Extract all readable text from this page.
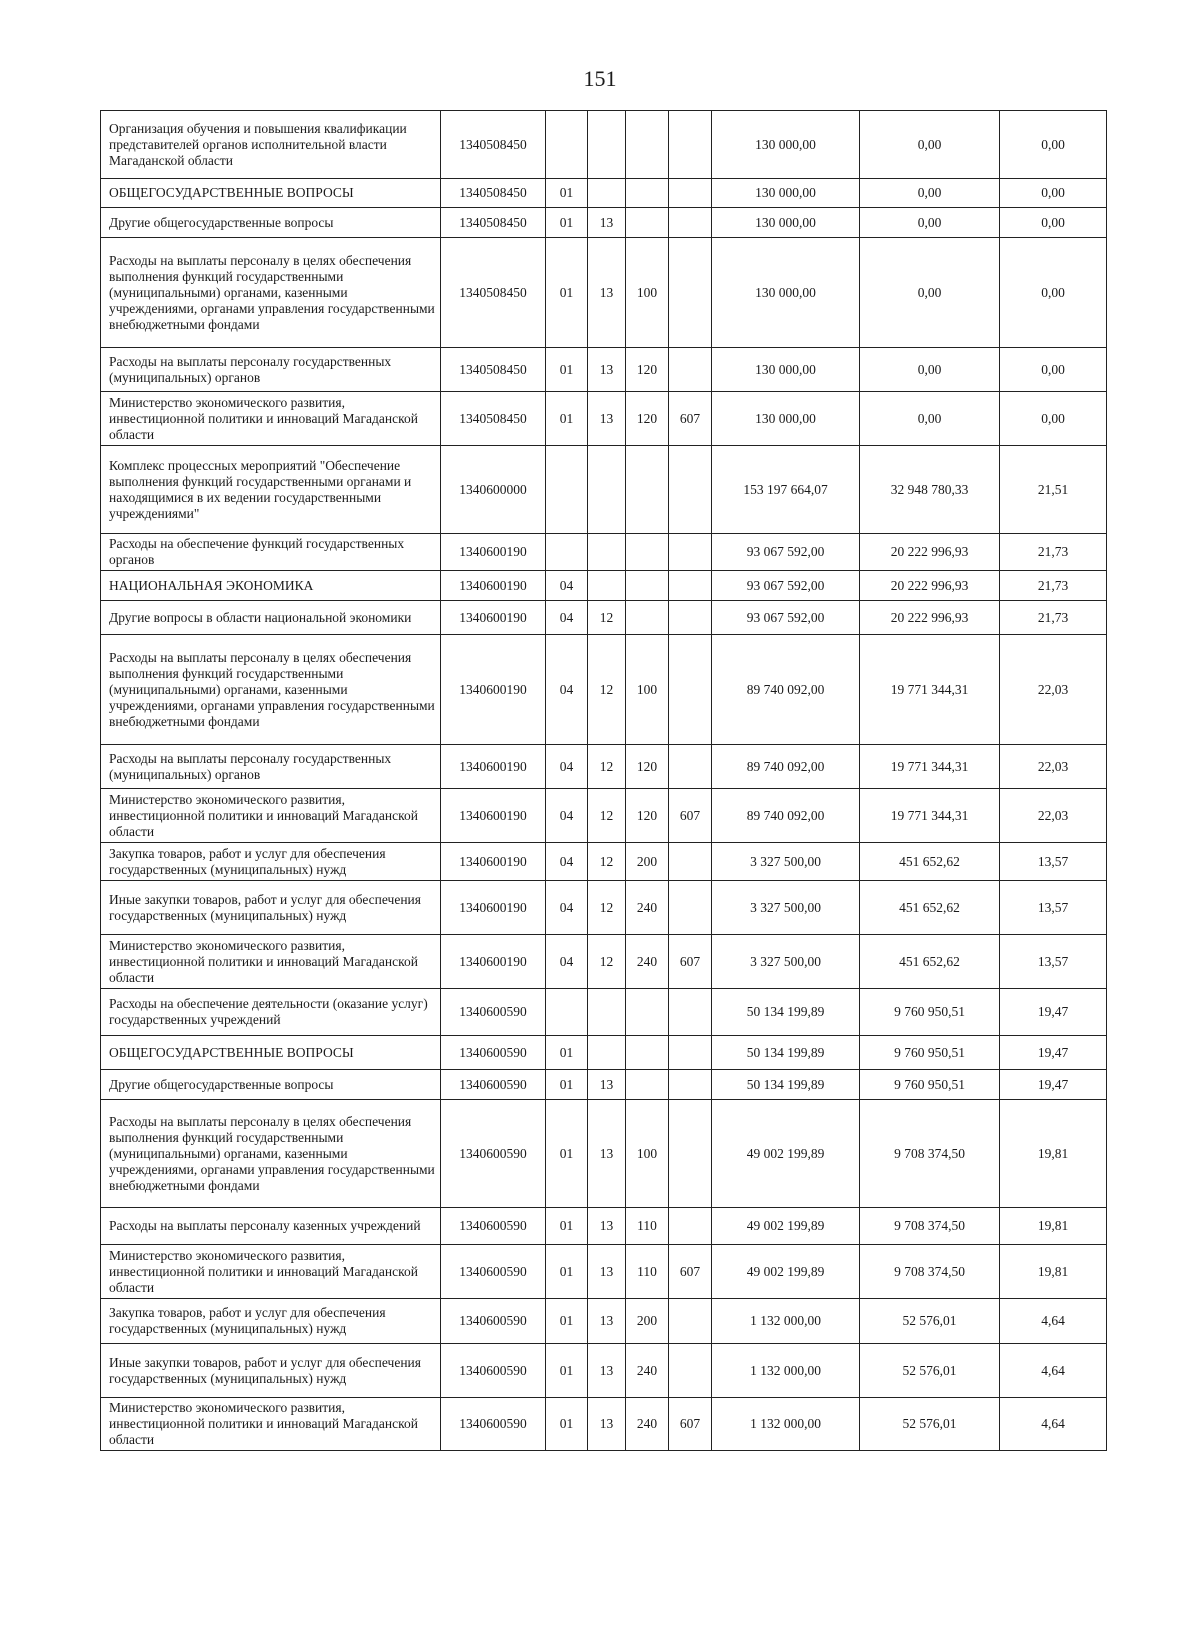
151
Организация обучения и повышения квалификации представителей органов исполнительной власти Магаданской области	1340508450					130 000,00	0,00	0,00
ОБЩЕГОСУДАРСТВЕННЫЕ ВОПРОСЫ	1340508450	01				130 000,00	0,00	0,00
Другие общегосударственные вопросы	1340508450	01	13			130 000,00	0,00	0,00
Расходы на выплаты персоналу в целях обеспечения выполнения функций государственными (муниципальными) органами, казенными учреждениями, органами управления государственными внебюджетными фондами	1340508450	01	13	100		130 000,00	0,00	0,00
Расходы на выплаты персоналу государственных (муниципальных) органов	1340508450	01	13	120		130 000,00	0,00	0,00
Министерство экономического развития, инвестиционной политики и инноваций Магаданской области	1340508450	01	13	120	607	130 000,00	0,00	0,00
Комплекс процессных мероприятий "Обеспечение выполнения функций государственными органами и находящимися в их ведении государственными учреждениями"	1340600000					153 197 664,07	32 948 780,33	21,51
Расходы на обеспечение функций государственных органов	1340600190					93 067 592,00	20 222 996,93	21,73
НАЦИОНАЛЬНАЯ ЭКОНОМИКА	1340600190	04				93 067 592,00	20 222 996,93	21,73
Другие вопросы в области национальной экономики	1340600190	04	12			93 067 592,00	20 222 996,93	21,73
Расходы на выплаты персоналу в целях обеспечения выполнения функций государственными (муниципальными) органами, казенными учреждениями, органами управления государственными внебюджетными фондами	1340600190	04	12	100		89 740 092,00	19 771 344,31	22,03
Расходы на выплаты персоналу государственных (муниципальных) органов	1340600190	04	12	120		89 740 092,00	19 771 344,31	22,03
Министерство экономического развития, инвестиционной политики и инноваций Магаданской области	1340600190	04	12	120	607	89 740 092,00	19 771 344,31	22,03
Закупка товаров, работ и услуг для обеспечения государственных (муниципальных) нужд	1340600190	04	12	200		3 327 500,00	451 652,62	13,57
Иные закупки товаров, работ и услуг для обеспечения государственных (муниципальных) нужд	1340600190	04	12	240		3 327 500,00	451 652,62	13,57
Министерство экономического развития, инвестиционной политики и инноваций Магаданской области	1340600190	04	12	240	607	3 327 500,00	451 652,62	13,57
Расходы на обеспечение деятельности (оказание услуг) государственных учреждений	1340600590					50 134 199,89	9 760 950,51	19,47
ОБЩЕГОСУДАРСТВЕННЫЕ ВОПРОСЫ	1340600590	01				50 134 199,89	9 760 950,51	19,47
Другие общегосударственные вопросы	1340600590	01	13			50 134 199,89	9 760 950,51	19,47
Расходы на выплаты персоналу в целях обеспечения выполнения функций государственными (муниципальными) органами, казенными учреждениями, органами управления государственными внебюджетными фондами	1340600590	01	13	100		49 002 199,89	9 708 374,50	19,81
Расходы на выплаты персоналу казенных учреждений	1340600590	01	13	110		49 002 199,89	9 708 374,50	19,81
Министерство экономического развития, инвестиционной политики и инноваций Магаданской области	1340600590	01	13	110	607	49 002 199,89	9 708 374,50	19,81
Закупка товаров, работ и услуг для обеспечения государственных (муниципальных) нужд	1340600590	01	13	200		1 132 000,00	52 576,01	4,64
Иные закупки товаров, работ и услуг для обеспечения государственных (муниципальных) нужд	1340600590	01	13	240		1 132 000,00	52 576,01	4,64
Министерство экономического развития, инвестиционной политики и инноваций Магаданской области	1340600590	01	13	240	607	1 132 000,00	52 576,01	4,64
